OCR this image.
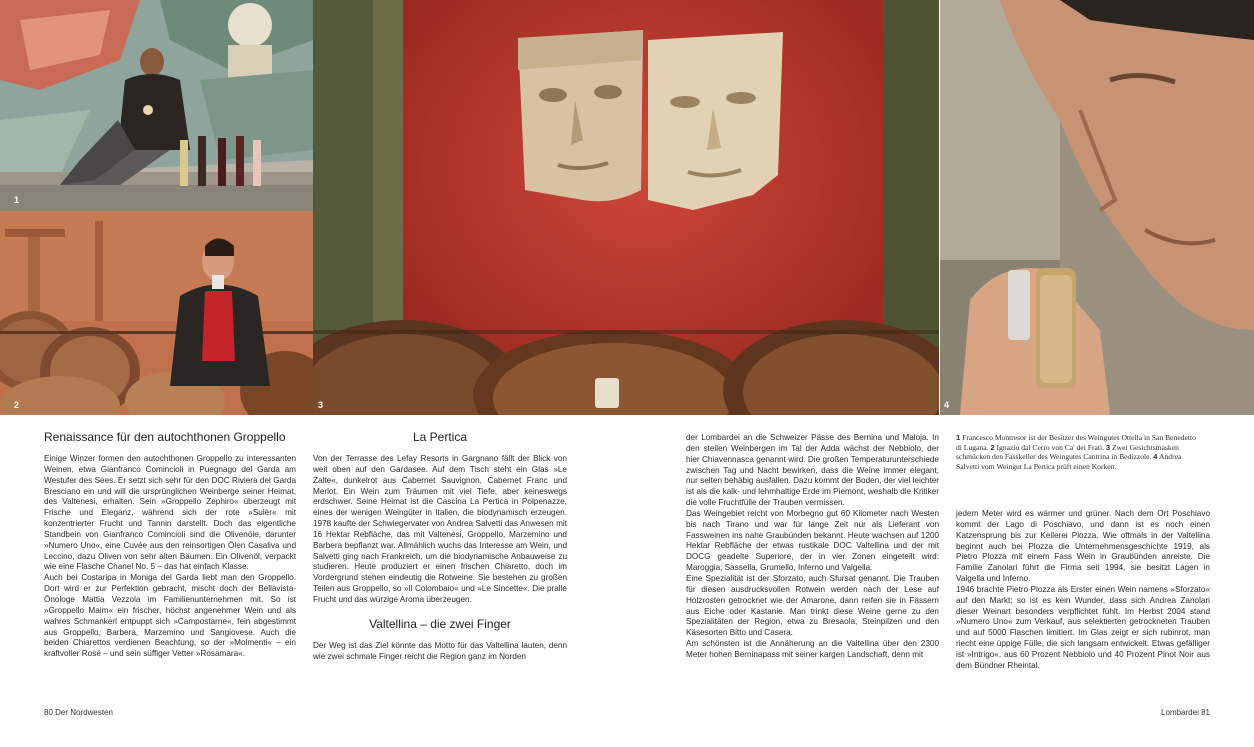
1
2	3	4
Renaissance für den autochthonen Groppello

Einige Winzer formen den autochthonen Groppello zu interessanten Weinen, etwa Gianfranco Comincioli in Puegnago del Garda am Westufer des Sees. Er setzt sich sehr für den DOC Riviera del Garda Bresciano ein und will die ursprünglichen Weinberge seiner Heimat, des Valtenesi, erhalten. Sein »Groppello Zephiro« überzeugt mit Frische und Eleganz, während sich der rote »Sulèr« mit konzentrierter Frucht und Tannin darstellt. Doch das eigentliche Standbein von Gianfranco Comincioli sind die Olivenöle, darunter »Numero Uno«, eine Cuvée aus den reinsortigen Ölen Casaliva und Leccino, dazu Oliven von sehr alten Bäumen. Ein Olivenöl, verpackt wie eine Flasche Chanel No. 5 – das hat einfach Klasse.

Auch bei Costaripa in Moniga del Garda liebt man den Groppello. Dort wird er zur Perfektion gebracht, mischt doch der Bellavista-Önologe Mattia Vezzola im Familienunternehmen mit. So ist »Groppello Maim« ein frischer, höchst angenehmer Wein und als wahres Schmankerl entpuppt sich »Campostarne«, fein abgestimmt aus Groppello, Barbera, Marzemino und Sangiovese. Auch die beiden Chiarettos verdienen Beachtung, so der »Molmenti« – ein kraftvoller Rosé – und sein süffiger Vetter »Rosamara«.

La Pertica

Von der Terrasse des Lefay Resorts in Gargnano fällt der Blick von weit oben auf den Gardasee. Auf dem Tisch steht ein Glas »Le Zalte«, dunkelrot aus Cabernet Sauvignon, Cabernet Franc und Merlot. Ein Wein zum Träumen mit viel Tiefe, aber keineswegs erdschwer. Seine Heimat ist die Cascina La Pertica in Polpenazze, eines der wenigen Weingüter in Italien, die biodynamisch erzeugen. 1978 kaufte der Schwiegervater von Andrea Salvetti das Anwesen mit 16 Hektar Rebfläche, das mit Valtenesi, Groppello, Marzemino und Barbera bepflanzt war. Allmählich wuchs das Interesse am Wein, und Salvetti ging nach Frankreich, um die biodynamische Anbauweise zu studieren. Heute produziert er einen frischen Chiaretto, doch im Vordergrund stehen eindeutig die Rotweine. Sie bestehen zu großen Teilen aus Groppello, so »Il Colombaio« und »Le Sincette«. Die pralle Frucht und das würzige Aroma überzeugen.

Valtellina – die zwei Finger

Der Weg ist das Ziel könnte das Motto für das Valtellina lauten, denn wie zwei schmale Finger reicht die Region ganz im Norden

80 Der Nordwesten

der Lombardei an die Schweizer Pässe des Bernina und Maloja. In den steilen Weinbergen im Tal der Adda wächst der Nebbiolo, der hier Chiavennasca genannt wird. Die großen Temperaturunterschiede zwischen Tag und Nacht bewirken, dass die Weine immer elegant, nur selten behäbig ausfallen. Dazu kommt der Boden, der viel leichter ist als die kalk- und lehmhaltige Erde im Piemont, weshalb die Kritiker die volle Fruchtfülle der Trauben vermissen.

Das Weingebiet reicht von Morbegno gut 60 Kilometer nach Westen bis nach Tirano und war für lange Zeit nur als Lieferant von Fassweinen ins nahe Graubünden bekannt. Heute wachsen auf 1200 Hektar Rebfläche der etwas rustikale DOC Valtellina und der mit DOCG geadelte Superiore, der in vier Zonen eingeteilt wird: Maroggia, Sassella, Grumello, Inferno und Valgella.

Eine Spezialität ist der Sforzato, auch Sfursat genannt. Die Trauben für diesen ausdrucksvollen Rotwein werden nach der Lese auf Holzrosten getrocknet wie der Amarone, dann reifen sie in Fässern aus Eiche oder Kastanie. Man trinkt diese Weine gerne zu den Spezialitäten der Region, etwa zu Bresaola, Steinpilzen und den Käsesorten Bitto und Casera.

Am schönsten ist die Annäherung an die Valtellina über den 2300 Meter hohen Berninapass mit seiner kargen Landschaft, denn mit

1 Francesco Montresor ist der Besitzer des Weingutes Ottella in San Benedetto di Lugana. 2 Ignazio dal Cerro von Ca' dei Frati. 3 Zwei Gesichtsmasken schmücken den Fasskeller des Weingutes Cantrina in Bedizzole. 4 Andrea Salvetti vom Weingut La Pertica prüft einen Korken.

jedem Meter wird es wärmer und grüner. Nach dem Ort Poschiavo kommt der Lago di Poschiavo, und dann ist es noch einen Katzensprung bis zur Kellerei Plozza. Wie oftmals in der Valtellina beginnt auch bei Plozza die Unternehmensgeschichte 1919, als Pietro Plozza mit einem Fass Wein in Graubünden anreiste. Die Familie Zanolari führt die Firma seit 1994, sie besitzt Lagen in Valgella und Inferno.

1946 brachte Pietro Plozza als Erster einen Wein namens »Sforzato« auf den Markt; so ist es kein Wunder, dass sich Andrea Zanolari dieser Weinart besonders verpflichtet fühlt. Im Herbst 2004 stand »Numero Uno« zum Verkauf, aus selektierten getrockneten Trauben und auf 5000 Flaschen limitiert. Im Glas zeigt er sich rubinrot, man riecht eine üppige Fülle, die sich langsam entwickelt. Etwas gefälliger ist »Intrigo«, aus 60 Prozent Nebbiolo und 40 Prozent Pinot Noir aus dem Bündner Rheintal.

Lombardei 81
